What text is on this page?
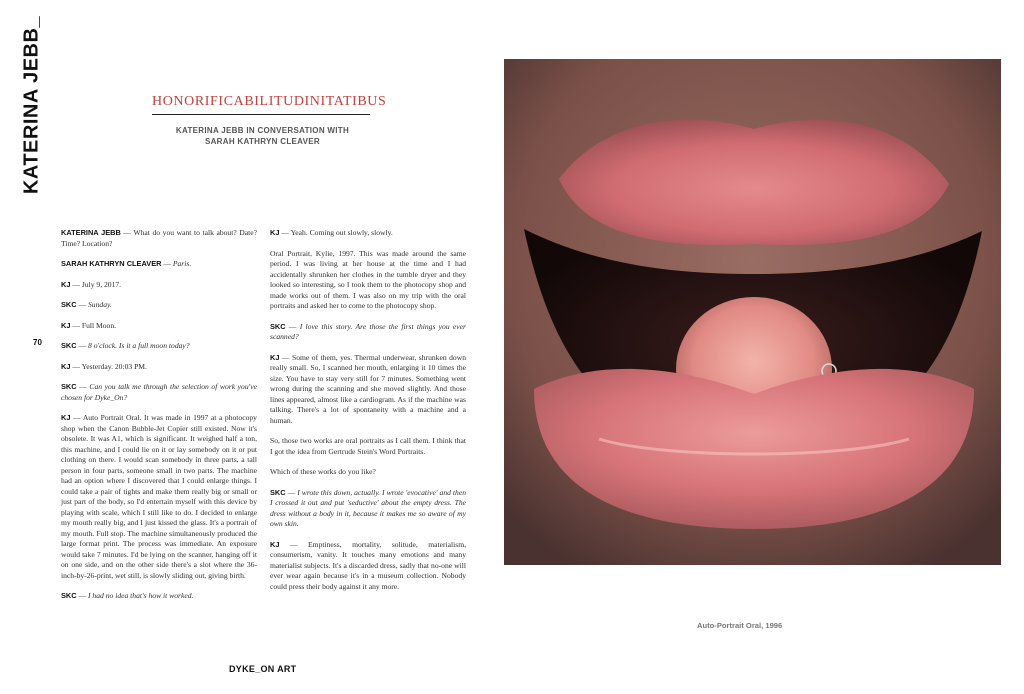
KATERINA JEBB_	HONORIFICABILITUDINITATIBUS
KATERINA JEBB IN CONVERSATION WITH
SARAH KATHRYN CLEAVER
70
DYKE_ON ART

KATERINA JEBB — What do you want to talk about? Date? Time? Location?

SARAH KATHRYN CLEAVER — Paris.

KJ — July 9, 2017.

SKC — Sunday.

KJ — Full Moon.

SKC — 8 o'clock. Is it a full moon today?

KJ — Yesterday. 20:03 PM.

SKC — Can you talk me through the selection of work you've chosen for Dyke_On?

KJ — Auto Portrait Oral. It was made in 1997 at a photocopy shop when the Canon Bubble-Jet Copier still existed. Now it's obsolete. It was A1, which is significant. It weighed half a ton, this machine, and I could lie on it or lay somebody on it or put clothing on there. I would scan somebody in three parts, a tall person in four parts, someone small in two parts. The machine had an option where I discovered that I could enlarge things. I could take a pair of tights and make them really big or small or just part of the body, so I'd entertain myself with this device by playing with scale, which I still like to do. I decided to enlarge my mouth really big, and I just kissed the glass. It's a portrait of my mouth. Full stop. The machine simultaneously produced the large format print. The process was immediate. An exposure would take 7 minutes. I'd be lying on the scanner, hanging off it on one side, and on the other side there's a slot where the 36-inch-by-26-print, wet still, is slowly sliding out, giving birth.

SKC — I had no idea that's how it worked.

KJ — Yeah. Coming out slowly, slowly.

Oral Portrait, Kylie, 1997. This was made around the same period. I was living at her house at the time and I had accidentally shrunken her clothes in the tumble dryer and they looked so interesting, so I took them to the photocopy shop and made works out of them. I was also on my trip with the oral portraits and asked her to come to the photocopy shop.

SKC — I love this story. Are those the first things you ever scanned?

KJ — Some of them, yes. Thermal underwear, shrunken down really small. So, I scanned her mouth, enlarging it 10 times the size. You have to stay very still for 7 minutes. Something went wrong during the scanning and she moved slightly. And those lines appeared, almost like a cardiogram. As if the machine was talking. There's a lot of spontaneity with a machine and a human.

So, those two works are oral portraits as I call them. I think that I got the idea from Gertrude Stein's Word Portraits.

Which of these works do you like?

SKC — I wrote this down, actually. I wrote 'evocative' and then I crossed it out and put 'seductive' about the empty dress. The dress without a body in it, because it makes me so aware of my own skin.

KJ — Emptiness, mortality, solitude, materialism, consumerism, vanity. It touches many emotions and many materialist subjects. It's a discarded dress, sadly that no-one will ever wear again because it's in a museum collection. Nobody could press their body against it any more.

Auto-Portrait Oral, 1996
